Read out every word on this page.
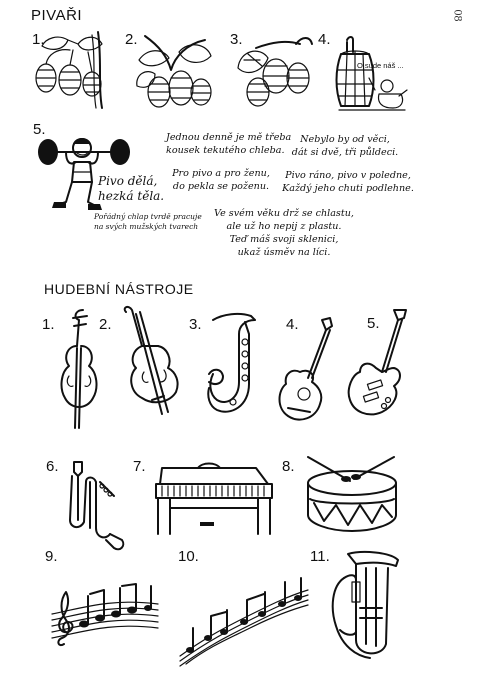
08
PIVAŘI
1.	2.	3.	4.
5.
O sude náš ...
Pivo dělá,
hezká těla.
Pořádný chlap tvrdě pracuje
na svých mužských tvarech
Jednou denně je mě třeba
kousek tekutého chleba.
Nebylo by od věci,
dát si dvě, tři půldeci.
Pro pivo a pro ženu,
do pekla se poženu.
Pivo ráno, pivo v poledne,
Každý jeho chuti podlehne.
Ve svém věku drž se chlastu,
ale už ho nepij z plastu.
Teď máš svoji sklenici,
ukaž úsměv na líci.
HUDEBNÍ NÁSTROJE
1.	2.	3.	4.	5.
6.	7.	8.
9.	10.	11.
